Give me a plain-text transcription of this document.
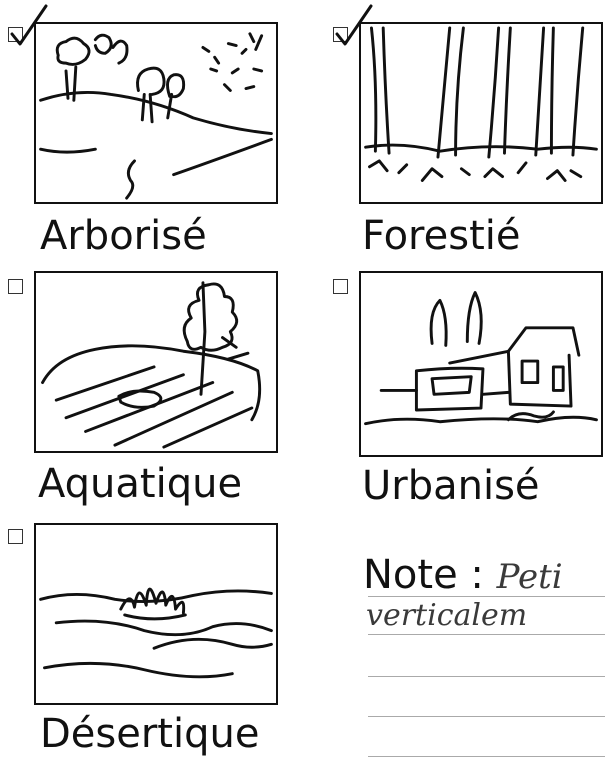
Arborisé	Forestié
Aquatique	Urbanisé
Désertique
Note : Peti
verticalem
